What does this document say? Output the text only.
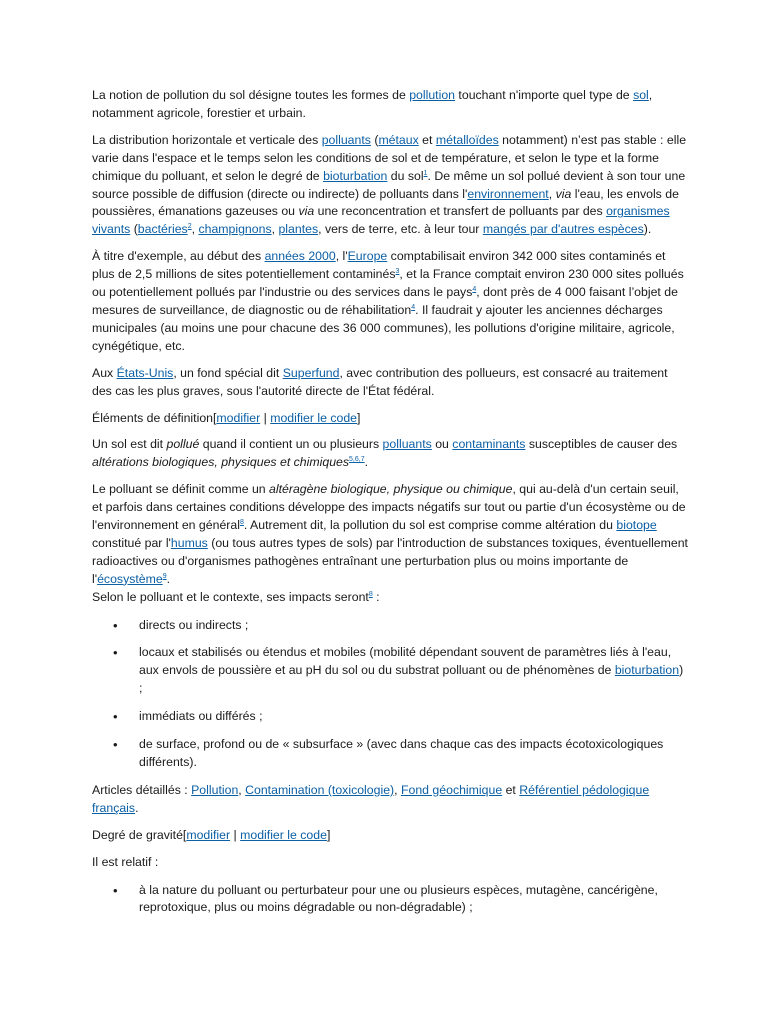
La notion de pollution du sol désigne toutes les formes de pollution touchant n'importe quel type de sol, notamment agricole, forestier et urbain.

La distribution horizontale et verticale des polluants (métaux et métalloïdes notamment) n’est pas stable : elle varie dans l'espace et le temps selon les conditions de sol et de température, et selon le type et la forme chimique du polluant, et selon le degré de bioturbation du sol$^1$. De même un sol pollué devient à son tour une source possible de diffusion (directe ou indirecte) de polluants dans l'environnement, via l'eau, les envols de poussières, émanations gazeuses ou via une reconcentration et transfert de polluants par des organismes vivants (bactéries$^2$, champignons, plantes, vers de terre, etc. à leur tour mangés par d'autres espèces).

À titre d'exemple, au début des années 2000, l'Europe comptabilisait environ 342 000 sites contaminés et plus de 2,5 millions de sites potentiellement contaminés$^3$, et la France comptait environ 230 000 sites pollués ou potentiellement pollués par l'industrie ou des services dans le pays$^4$, dont près de 4 000 faisant l’objet de mesures de surveillance, de diagnostic ou de réhabilitation$^4$. Il faudrait y ajouter les anciennes décharges municipales (au moins une pour chacune des 36 000 communes), les pollutions d'origine militaire, agricole, cynégétique, etc.

Aux États-Unis, un fond spécial dit Superfund, avec contribution des pollueurs, est consacré au traitement des cas les plus graves, sous l'autorité directe de l'État fédéral.

Éléments de définition[modifier | modifier le code]

Un sol est dit pollué quand il contient un ou plusieurs polluants ou contaminants susceptibles de causer des altérations biologiques, physiques et chimiques$^{5,6,7}$.

Le polluant se définit comme un altéragène biologique, physique ou chimique, qui au-delà d'un certain seuil, et parfois dans certaines conditions développe des impacts négatifs sur tout ou partie d'un écosystème ou de l'environnement en général$^8$. Autrement dit, la pollution du sol est comprise comme altération du biotope constitué par l'humus (ou tous autres types de sols) par l'introduction de substances toxiques, éventuellement radioactives ou d'organismes pathogènes entraînant une perturbation plus ou moins importante de l'écosystème$^9$.

Selon le polluant et le contexte, ses impacts seront$^8$ :

• directs ou indirects ;
• locaux et stabilisés ou étendus et mobiles (mobilité dépendant souvent de paramètres liés à l'eau, aux envols de poussière et au pH du sol ou du substrat polluant ou de phénomènes de bioturbation) ;
• immédiats ou différés ;
• de surface, profond ou de « subsurface » (avec dans chaque cas des impacts écotoxicologiques différents).

Articles détaillés : Pollution, Contamination (toxicologie), Fond géochimique et Référentiel pédologique français.

Degré de gravité[modifier | modifier le code]

Il est relatif :

• à la nature du polluant ou perturbateur pour une ou plusieurs espèces, mutagène, cancérigène, reprotoxique, plus ou moins dégradable ou non-dégradable) ;
